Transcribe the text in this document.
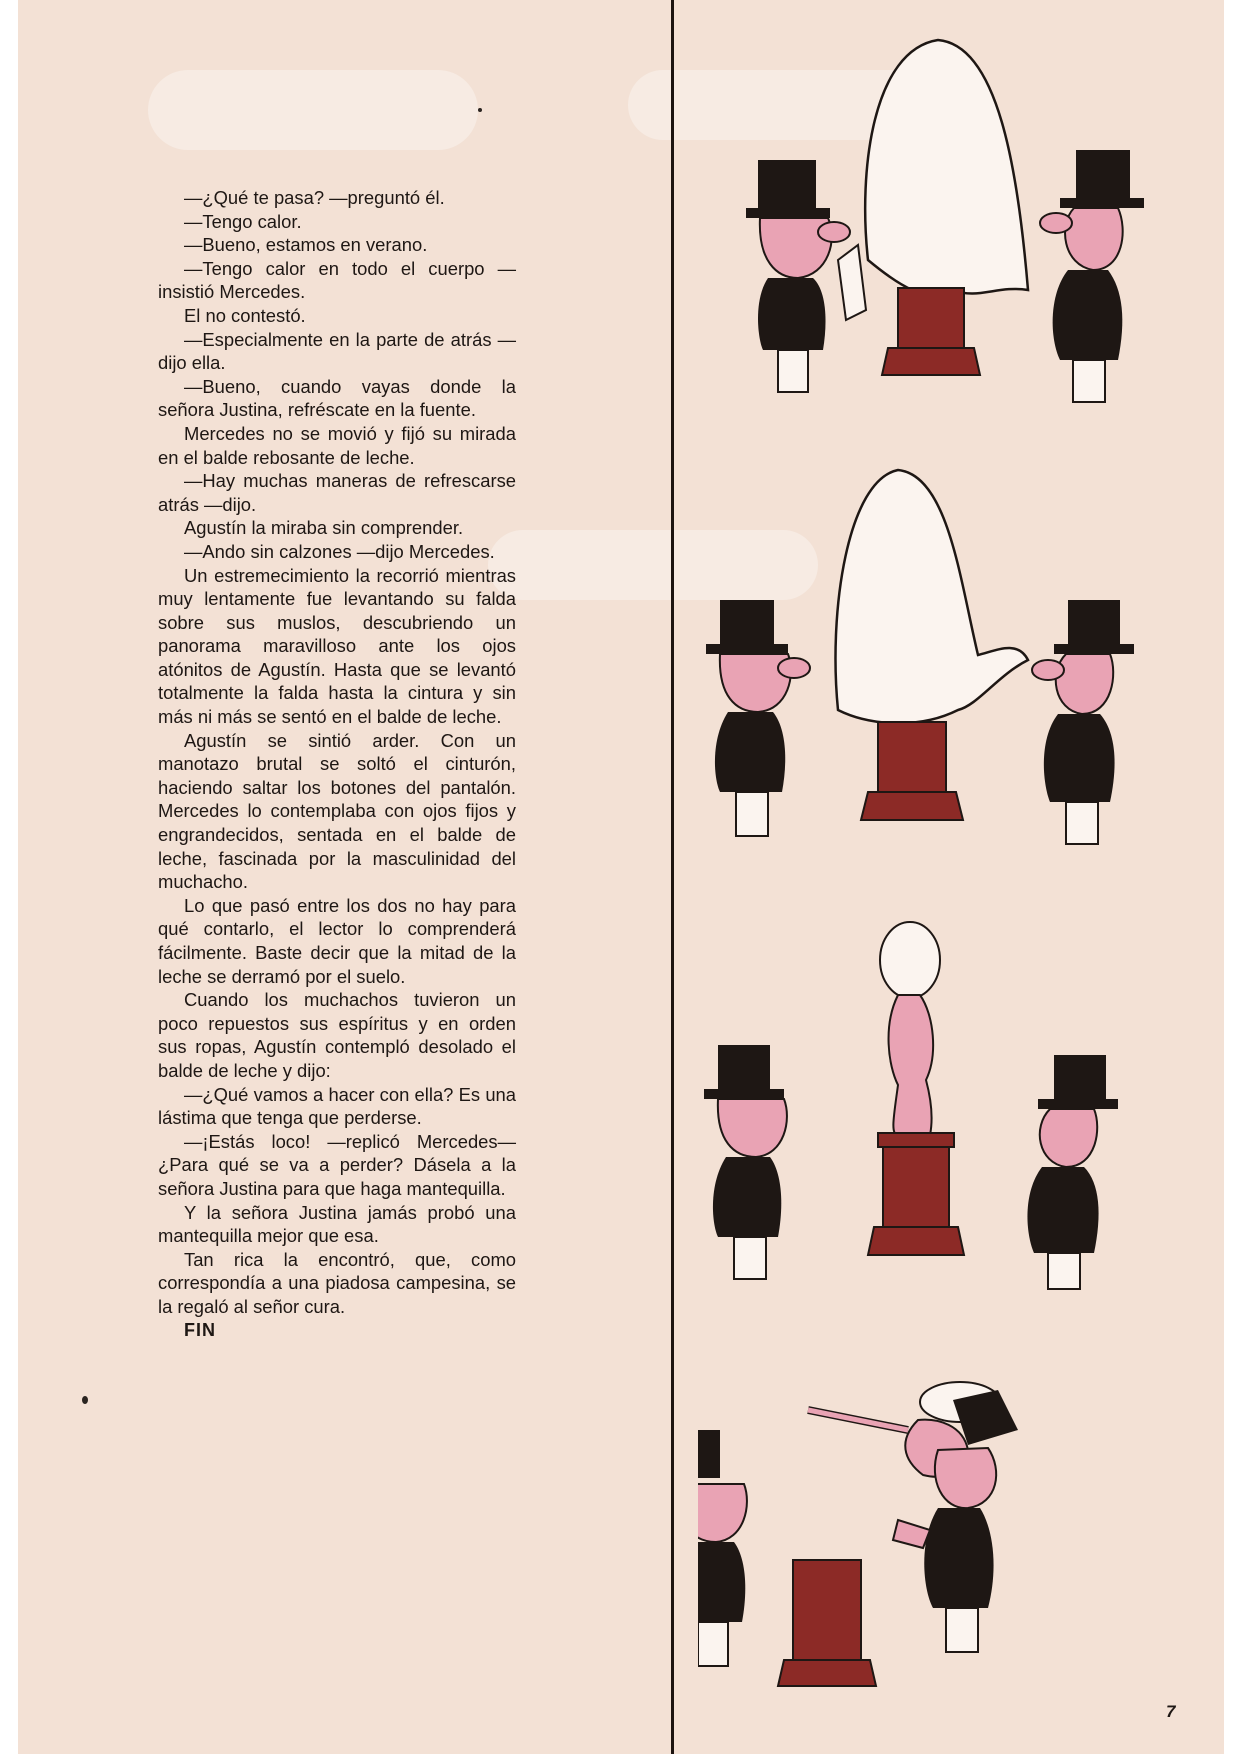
—¿Qué te pasa? —preguntó él.

—Tengo calor.

—Bueno, estamos en verano.

—Tengo calor en todo el cuerpo —insistió Mercedes.

El no contestó.

—Especialmente en la parte de atrás —dijo ella.

—Bueno, cuando vayas donde la señora Justina, refréscate en la fuente.

Mercedes no se movió y fijó su mirada en el balde rebosante de leche.

—Hay muchas maneras de refrescarse atrás —dijo.

Agustín la miraba sin comprender.

—Ando sin calzones —dijo Mercedes.

Un estremecimiento la recorrió mientras muy lentamente fue levantando su falda sobre sus muslos, descubriendo un panorama maravilloso ante los ojos atónitos de Agustín. Hasta que se levantó totalmente la falda hasta la cintura y sin más ni más se sentó en el balde de leche.

Agustín se sintió arder. Con un manotazo brutal se soltó el cinturón, haciendo saltar los botones del pantalón. Mercedes lo contemplaba con ojos fijos y engrandecidos, sentada en el balde de leche, fascinada por la masculinidad del muchacho.

Lo que pasó entre los dos no hay para qué contarlo, el lector lo comprenderá fácilmente. Baste decir que la mitad de la leche se derramó por el suelo.

Cuando los muchachos tuvieron un poco repuestos sus espíritus y en orden sus ropas, Agustín contempló desolado el balde de leche y dijo:

—¿Qué vamos a hacer con ella? Es una lástima que tenga que perderse.

—¡Estás loco! —replicó Mercedes— ¿Para qué se va a perder? Dásela a la señora Justina para que haga mantequilla.

Y la señora Justina jamás probó una mantequilla mejor que esa.

Tan rica la encontró, que, como correspondía a una piadosa campesina, se la regaló al señor cura.

FIN

7
